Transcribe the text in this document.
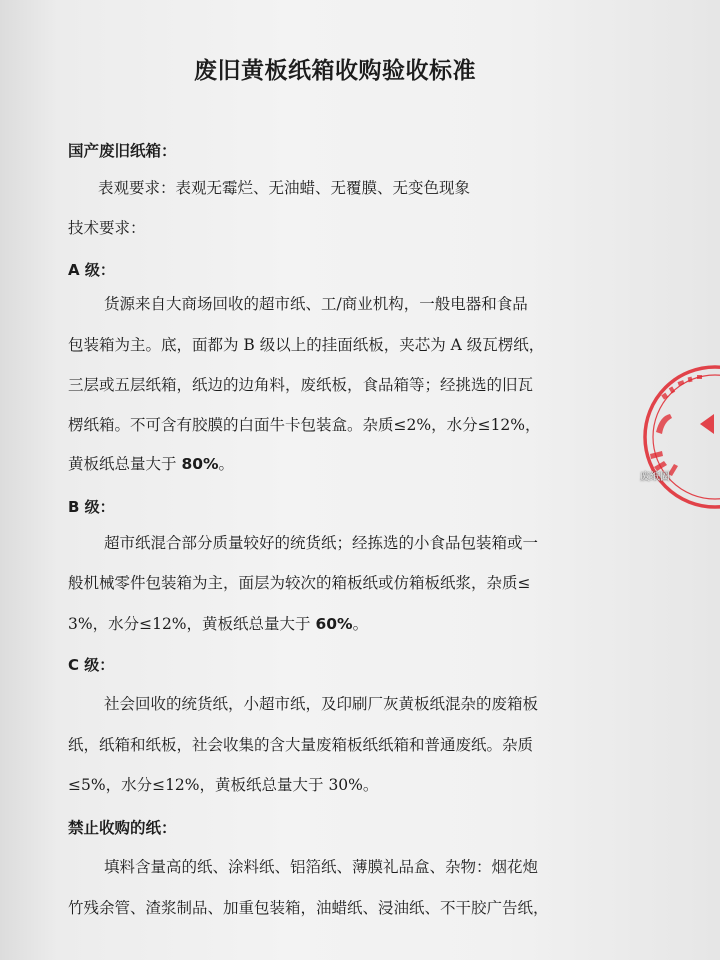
废旧黄板纸箱收购验收标准
国产废旧纸箱：
表观要求：表观无霉烂、无油蜡、无覆膜、无变色现象
技术要求：
A 级：
货源来自大商场回收的超市纸、工/商业机构，一般电器和食品
包装箱为主。底，面都为 B 级以上的挂面纸板，夹芯为 A 级瓦楞纸，
三层或五层纸箱，纸边的边角料，废纸板，食品箱等；经挑选的旧瓦
楞纸箱。不可含有胶膜的白面牛卡包装盒。杂质≤2%，水分≤12%，
黄板纸总量大于 80%。
B 级：
超市纸混合部分质量较好的统货纸；经拣选的小食品包装箱或一
般机械零件包装箱为主，面层为较次的箱板纸或仿箱板纸浆，杂质≤
3%，水分≤12%，黄板纸总量大于 60%。
C 级：
社会回收的统货纸，小超市纸，及印刷厂灰黄板纸混杂的废箱板
纸，纸箱和纸板，社会收集的含大量废箱板纸纸箱和普通废纸。杂质
≤5%，水分≤12%，黄板纸总量大于 30%。
禁止收购的纸：
填料含量高的纸、涂料纸、铝箔纸、薄膜礼品盒、杂物：烟花炮
竹残余管、渣浆制品、加重包装箱，油蜡纸、浸油纸、不干胶广告纸，
废纸圈
